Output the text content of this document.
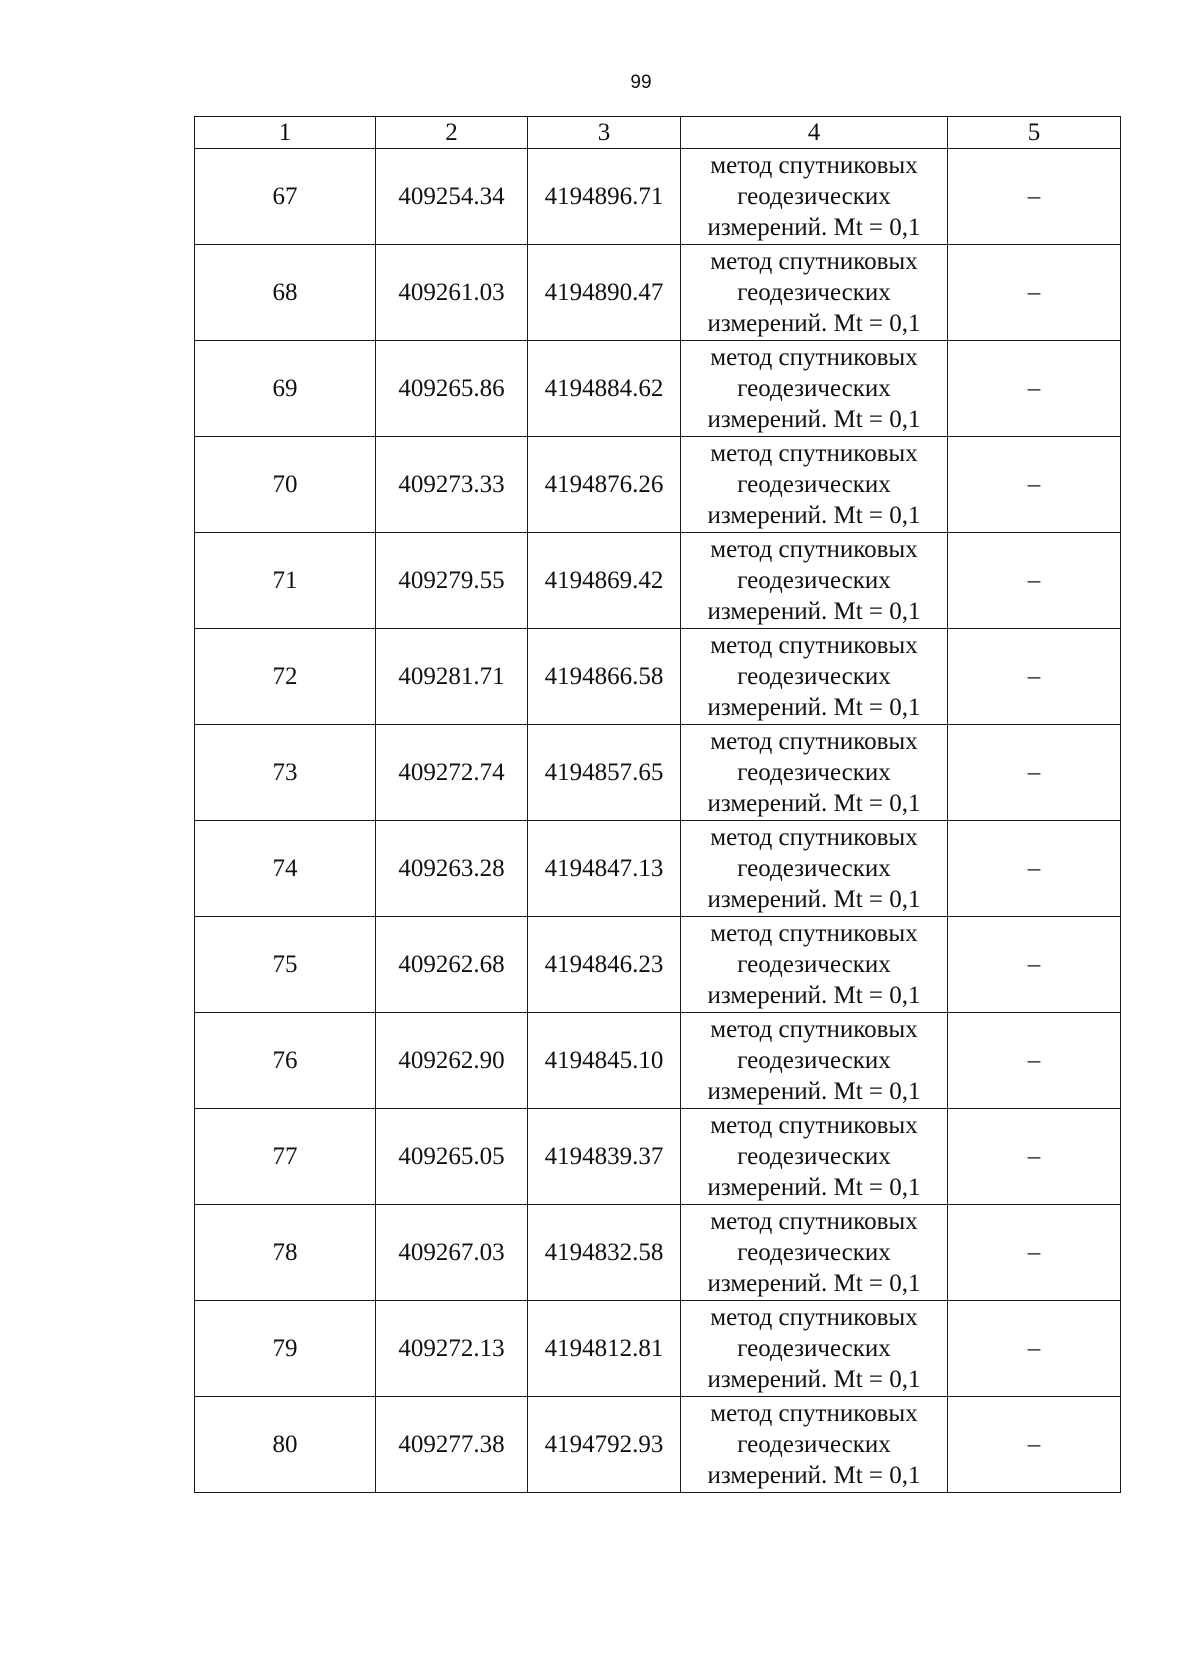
99
1	2	3	4	5
67	409254.34	4194896.71	метод спутниковых
геодезических
измерений. Mt = 0,1	–
68	409261.03	4194890.47	метод спутниковых
геодезических
измерений. Mt = 0,1	–
69	409265.86	4194884.62	метод спутниковых
геодезических
измерений. Mt = 0,1	–
70	409273.33	4194876.26	метод спутниковых
геодезических
измерений. Mt = 0,1	–
71	409279.55	4194869.42	метод спутниковых
геодезических
измерений. Mt = 0,1	–
72	409281.71	4194866.58	метод спутниковых
геодезических
измерений. Mt = 0,1	–
73	409272.74	4194857.65	метод спутниковых
геодезических
измерений. Mt = 0,1	–
74	409263.28	4194847.13	метод спутниковых
геодезических
измерений. Mt = 0,1	–
75	409262.68	4194846.23	метод спутниковых
геодезических
измерений. Mt = 0,1	–
76	409262.90	4194845.10	метод спутниковых
геодезических
измерений. Mt = 0,1	–
77	409265.05	4194839.37	метод спутниковых
геодезических
измерений. Mt = 0,1	–
78	409267.03	4194832.58	метод спутниковых
геодезических
измерений. Mt = 0,1	–
79	409272.13	4194812.81	метод спутниковых
геодезических
измерений. Mt = 0,1	–
80	409277.38	4194792.93	метод спутниковых
геодезических
измерений. Mt = 0,1	–
